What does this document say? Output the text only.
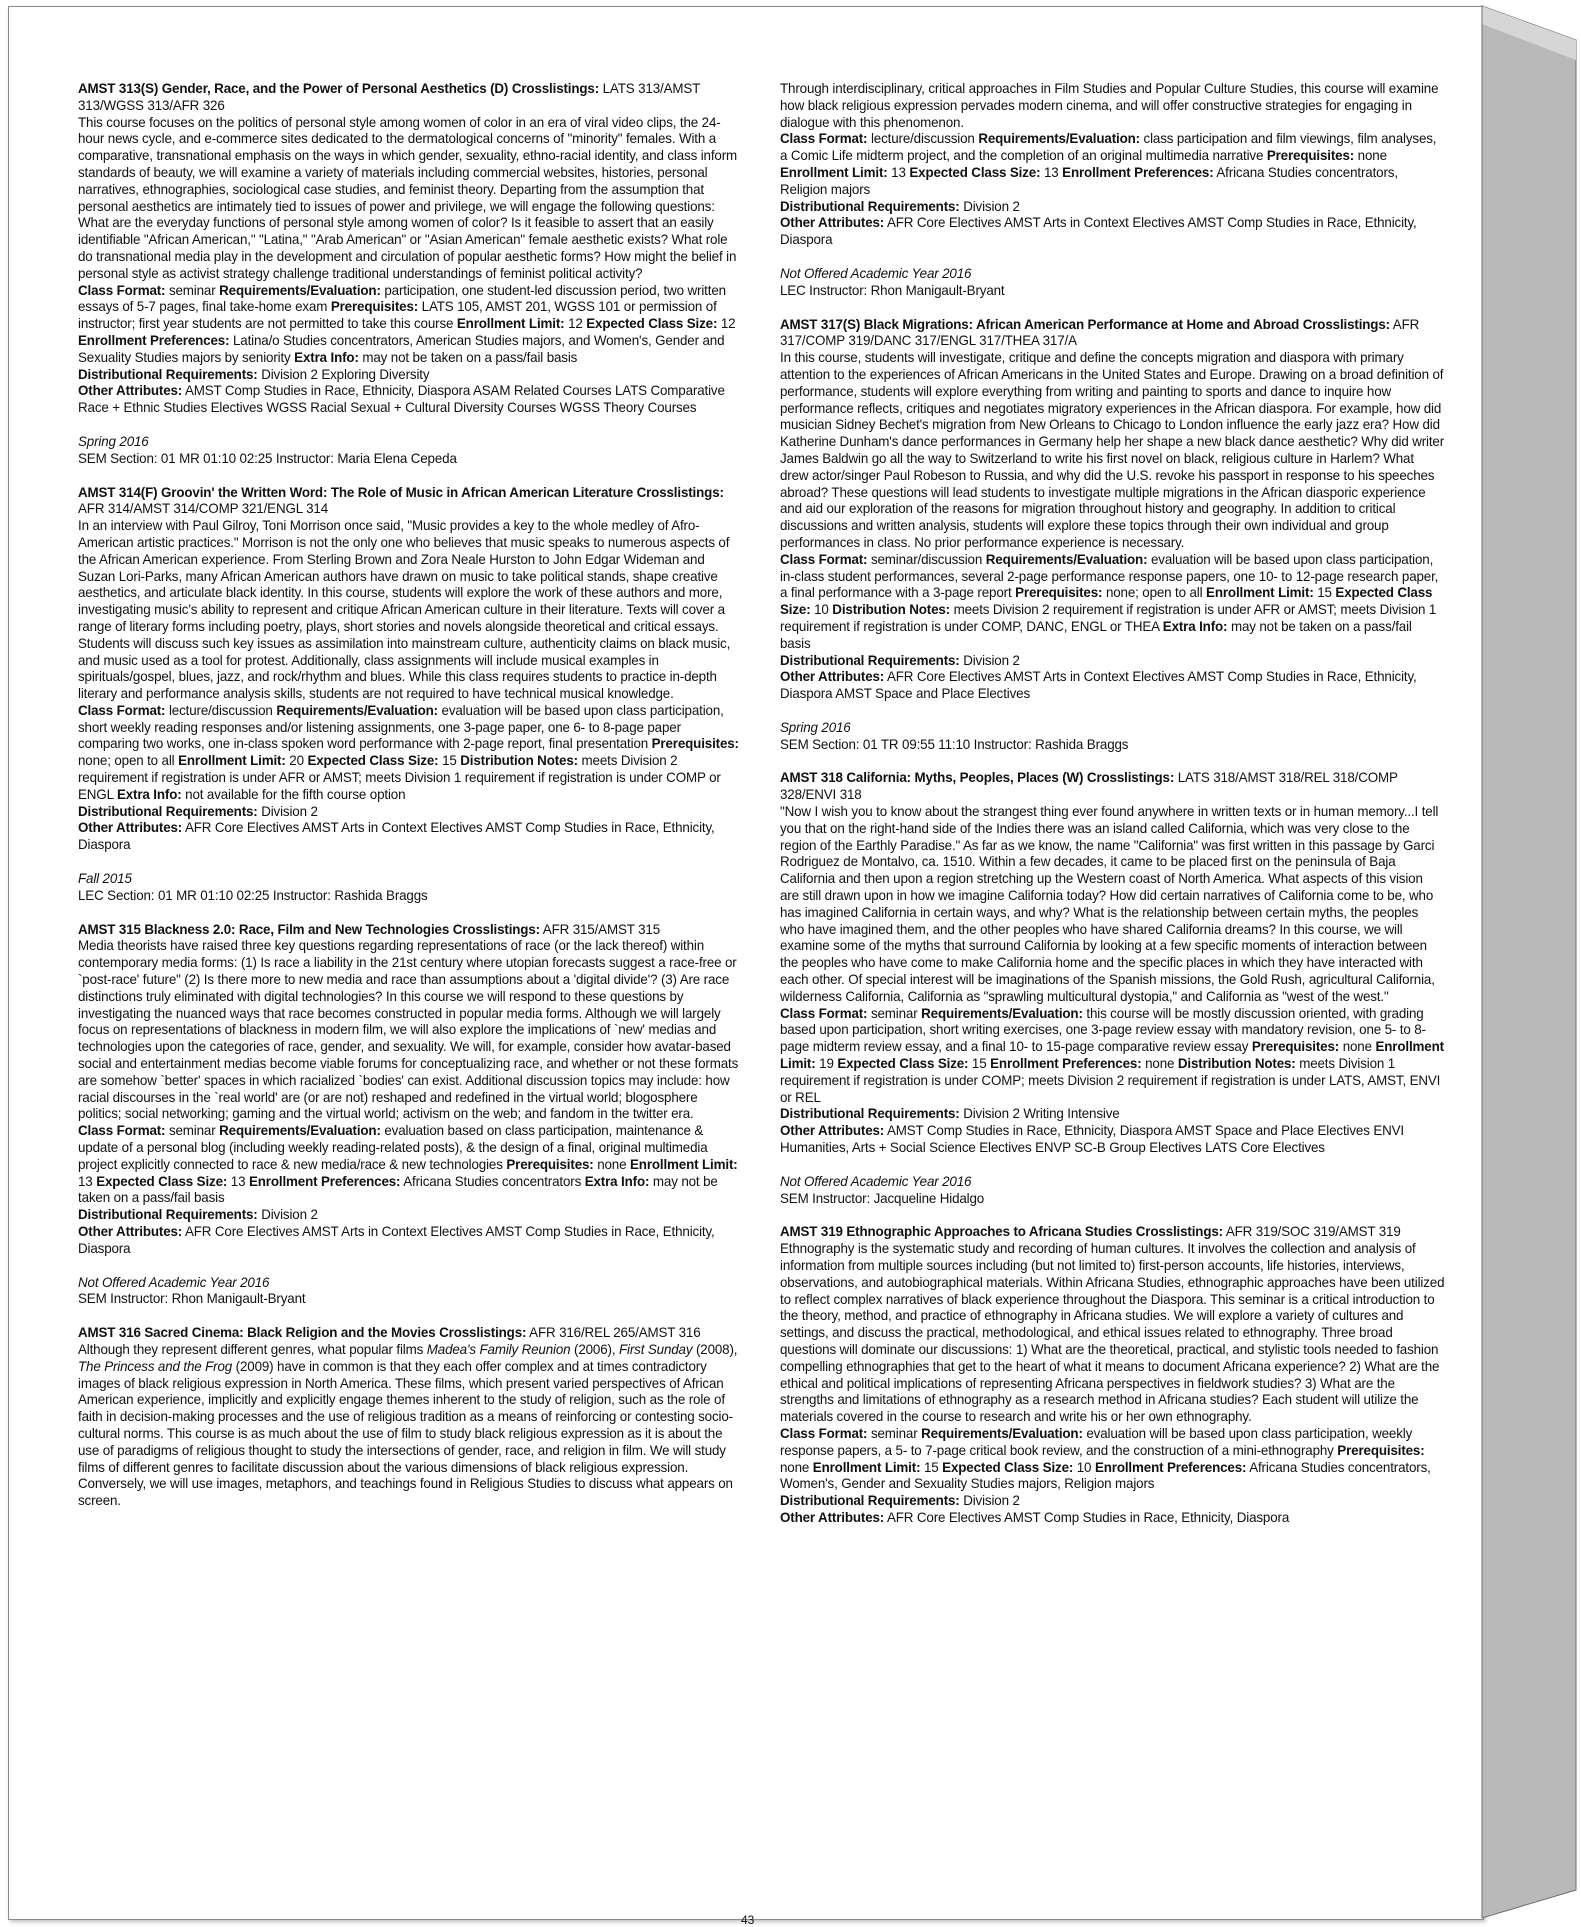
AMST 313(S) Gender, Race, and the Power of Personal Aesthetics (D) Crosslistings: LATS 313/AMST 313/WGSS 313/AFR 326

This course focuses on the politics of personal style among women of color in an era of viral video clips, the 24-hour news cycle, and e-commerce sites dedicated to the dermatological concerns of "minority" females. With a comparative, transnational emphasis on the ways in which gender, sexuality, ethno-racial identity, and class inform standards of beauty, we will examine a variety of materials including commercial websites, histories, personal narratives, ethnographies, sociological case studies, and feminist theory. Departing from the assumption that personal aesthetics are intimately tied to issues of power and privilege, we will engage the following questions: What are the everyday functions of personal style among women of color? Is it feasible to assert that an easily identifiable "African American," "Latina," "Arab American" or "Asian American" female aesthetic exists? What role do transnational media play in the development and circulation of popular aesthetic forms? How might the belief in personal style as activist strategy challenge traditional understandings of feminist political activity?

Class Format: seminar Requirements/Evaluation: participation, one student-led discussion period, two written essays of 5-7 pages, final take-home exam Prerequisites: LATS 105, AMST 201, WGSS 101 or permission of instructor; first year students are not permitted to take this course Enrollment Limit: 12 Expected Class Size: 12 Enrollment Preferences: Latina/o Studies concentrators, American Studies majors, and Women's, Gender and Sexuality Studies majors by seniority Extra Info: may not be taken on a pass/fail basis

Distributional Requirements: Division 2 Exploring Diversity

Other Attributes: AMST Comp Studies in Race, Ethnicity, Diaspora ASAM Related Courses LATS Comparative Race + Ethnic Studies Electives WGSS Racial Sexual + Cultural Diversity Courses WGSS Theory Courses

Spring 2016

SEM Section: 01 MR 01:10 02:25 Instructor: Maria Elena Cepeda

AMST 314(F) Groovin' the Written Word: The Role of Music in African American Literature Crosslistings: AFR 314/AMST 314/COMP 321/ENGL 314

In an interview with Paul Gilroy, Toni Morrison once said, "Music provides a key to the whole medley of Afro-American artistic practices." Morrison is not the only one who believes that music speaks to numerous aspects of the African American experience. From Sterling Brown and Zora Neale Hurston to John Edgar Wideman and Suzan Lori-Parks, many African American authors have drawn on music to take political stands, shape creative aesthetics, and articulate black identity. In this course, students will explore the work of these authors and more, investigating music's ability to represent and critique African American culture in their literature. Texts will cover a range of literary forms including poetry, plays, short stories and novels alongside theoretical and critical essays. Students will discuss such key issues as assimilation into mainstream culture, authenticity claims on black music, and music used as a tool for protest. Additionally, class assignments will include musical examples in spirituals/gospel, blues, jazz, and rock/rhythm and blues. While this class requires students to practice in-depth literary and performance analysis skills, students are not required to have technical musical knowledge.

Class Format: lecture/discussion Requirements/Evaluation: evaluation will be based upon class participation, short weekly reading responses and/or listening assignments, one 3-page paper, one 6- to 8-page paper comparing two works, one in-class spoken word performance with 2-page report, final presentation Prerequisites: none; open to all Enrollment Limit: 20 Expected Class Size: 15 Distribution Notes: meets Division 2 requirement if registration is under AFR or AMST; meets Division 1 requirement if registration is under COMP or ENGL Extra Info: not available for the fifth course option

Distributional Requirements: Division 2

Other Attributes: AFR Core Electives AMST Arts in Context Electives AMST Comp Studies in Race, Ethnicity, Diaspora

Fall 2015

LEC Section: 01 MR 01:10 02:25 Instructor: Rashida Braggs

AMST 315 Blackness 2.0: Race, Film and New Technologies Crosslistings: AFR 315/AMST 315

Media theorists have raised three key questions regarding representations of race (or the lack thereof) within contemporary media forms: (1) Is race a liability in the 21st century where utopian forecasts suggest a race-free or `post-race' future" (2) Is there more to new media and race than assumptions about a 'digital divide'? (3) Are race distinctions truly eliminated with digital technologies? In this course we will respond to these questions by investigating the nuanced ways that race becomes constructed in popular media forms. Although we will largely focus on representations of blackness in modern film, we will also explore the implications of `new' medias and technologies upon the categories of race, gender, and sexuality. We will, for example, consider how avatar-based social and entertainment medias become viable forums for conceptualizing race, and whether or not these formats are somehow `better' spaces in which racialized `bodies' can exist. Additional discussion topics may include: how racial discourses in the `real world' are (or are not) reshaped and redefined in the virtual world; blogosphere politics; social networking; gaming and the virtual world; activism on the web; and fandom in the twitter era.

Class Format: seminar Requirements/Evaluation: evaluation based on class participation, maintenance & update of a personal blog (including weekly reading-related posts), & the design of a final, original multimedia project explicitly connected to race & new media/race & new technologies Prerequisites: none Enrollment Limit: 13 Expected Class Size: 13 Enrollment Preferences: Africana Studies concentrators Extra Info: may not be taken on a pass/fail basis

Distributional Requirements: Division 2

Other Attributes: AFR Core Electives AMST Arts in Context Electives AMST Comp Studies in Race, Ethnicity, Diaspora

Not Offered Academic Year 2016

SEM Instructor: Rhon Manigault-Bryant

AMST 316 Sacred Cinema: Black Religion and the Movies Crosslistings: AFR 316/REL 265/AMST 316

Although they represent different genres, what popular films Madea's Family Reunion (2006), First Sunday (2008), The Princess and the Frog (2009) have in common is that they each offer complex and at times contradictory images of black religious expression in North America. These films, which present varied perspectives of African American experience, implicitly and explicitly engage themes inherent to the study of religion, such as the role of faith in decision-making processes and the use of religious tradition as a means of reinforcing or contesting socio-cultural norms. This course is as much about the use of film to study black religious expression as it is about the use of paradigms of religious thought to study the intersections of gender, race, and religion in film. We will study films of different genres to facilitate discussion about the various dimensions of black religious expression. Conversely, we will use images, metaphors, and teachings found in Religious Studies to discuss what appears on screen.

Through interdisciplinary, critical approaches in Film Studies and Popular Culture Studies, this course will examine how black religious expression pervades modern cinema, and will offer constructive strategies for engaging in dialogue with this phenomenon.

Class Format: lecture/discussion Requirements/Evaluation: class participation and film viewings, film analyses, a Comic Life midterm project, and the completion of an original multimedia narrative Prerequisites: none Enrollment Limit: 13 Expected Class Size: 13 Enrollment Preferences: Africana Studies concentrators, Religion majors

Distributional Requirements: Division 2

Other Attributes: AFR Core Electives AMST Arts in Context Electives AMST Comp Studies in Race, Ethnicity, Diaspora

Not Offered Academic Year 2016

LEC Instructor: Rhon Manigault-Bryant

AMST 317(S) Black Migrations: African American Performance at Home and Abroad Crosslistings: AFR 317/COMP 319/DANC 317/ENGL 317/THEA 317/A

In this course, students will investigate, critique and define the concepts migration and diaspora with primary attention to the experiences of African Americans in the United States and Europe. Drawing on a broad definition of performance, students will explore everything from writing and painting to sports and dance to inquire how performance reflects, critiques and negotiates migratory experiences in the African diaspora. For example, how did musician Sidney Bechet's migration from New Orleans to Chicago to London influence the early jazz era? How did Katherine Dunham's dance performances in Germany help her shape a new black dance aesthetic? Why did writer James Baldwin go all the way to Switzerland to write his first novel on black, religious culture in Harlem? What drew actor/singer Paul Robeson to Russia, and why did the U.S. revoke his passport in response to his speeches abroad? These questions will lead students to investigate multiple migrations in the African diasporic experience and aid our exploration of the reasons for migration throughout history and geography. In addition to critical discussions and written analysis, students will explore these topics through their own individual and group performances in class. No prior performance experience is necessary.

Class Format: seminar/discussion Requirements/Evaluation: evaluation will be based upon class participation, in-class student performances, several 2-page performance response papers, one 10- to 12-page research paper, a final performance with a 3-page report Prerequisites: none; open to all Enrollment Limit: 15 Expected Class Size: 10 Distribution Notes: meets Division 2 requirement if registration is under AFR or AMST; meets Division 1 requirement if registration is under COMP, DANC, ENGL or THEA Extra Info: may not be taken on a pass/fail basis

Distributional Requirements: Division 2

Other Attributes: AFR Core Electives AMST Arts in Context Electives AMST Comp Studies in Race, Ethnicity, Diaspora AMST Space and Place Electives

Spring 2016

SEM Section: 01 TR 09:55 11:10 Instructor: Rashida Braggs

AMST 318 California: Myths, Peoples, Places (W) Crosslistings: LATS 318/AMST 318/REL 318/COMP 328/ENVI 318

"Now I wish you to know about the strangest thing ever found anywhere in written texts or in human memory...I tell you that on the right-hand side of the Indies there was an island called California, which was very close to the region of the Earthly Paradise." As far as we know, the name "California" was first written in this passage by Garci Rodriguez de Montalvo, ca. 1510. Within a few decades, it came to be placed first on the peninsula of Baja California and then upon a region stretching up the Western coast of North America. What aspects of this vision are still drawn upon in how we imagine California today? How did certain narratives of California come to be, who has imagined California in certain ways, and why? What is the relationship between certain myths, the peoples who have imagined them, and the other peoples who have shared California dreams? In this course, we will examine some of the myths that surround California by looking at a few specific moments of interaction between the peoples who have come to make California home and the specific places in which they have interacted with each other. Of special interest will be imaginations of the Spanish missions, the Gold Rush, agricultural California, wilderness California, California as "sprawling multicultural dystopia," and California as "west of the west."

Class Format: seminar Requirements/Evaluation: this course will be mostly discussion oriented, with grading based upon participation, short writing exercises, one 3-page review essay with mandatory revision, one 5- to 8-page midterm review essay, and a final 10- to 15-page comparative review essay Prerequisites: none Enrollment Limit: 19 Expected Class Size: 15 Enrollment Preferences: none Distribution Notes: meets Division 1 requirement if registration is under COMP; meets Division 2 requirement if registration is under LATS, AMST, ENVI or REL

Distributional Requirements: Division 2 Writing Intensive

Other Attributes: AMST Comp Studies in Race, Ethnicity, Diaspora AMST Space and Place Electives ENVI Humanities, Arts + Social Science Electives ENVP SC-B Group Electives LATS Core Electives

Not Offered Academic Year 2016

SEM Instructor: Jacqueline Hidalgo

AMST 319 Ethnographic Approaches to Africana Studies Crosslistings: AFR 319/SOC 319/AMST 319

Ethnography is the systematic study and recording of human cultures. It involves the collection and analysis of information from multiple sources including (but not limited to) first-person accounts, life histories, interviews, observations, and autobiographical materials. Within Africana Studies, ethnographic approaches have been utilized to reflect complex narratives of black experience throughout the Diaspora. This seminar is a critical introduction to the theory, method, and practice of ethnography in Africana studies. We will explore a variety of cultures and settings, and discuss the practical, methodological, and ethical issues related to ethnography. Three broad questions will dominate our discussions: 1) What are the theoretical, practical, and stylistic tools needed to fashion compelling ethnographies that get to the heart of what it means to document Africana experience? 2) What are the ethical and political implications of representing Africana perspectives in fieldwork studies? 3) What are the strengths and limitations of ethnography as a research method in Africana studies? Each student will utilize the materials covered in the course to research and write his or her own ethnography.

Class Format: seminar Requirements/Evaluation: evaluation will be based upon class participation, weekly response papers, a 5- to 7-page critical book review, and the construction of a mini-ethnography Prerequisites: none Enrollment Limit: 15 Expected Class Size: 10 Enrollment Preferences: Africana Studies concentrators, Women's, Gender and Sexuality Studies majors, Religion majors

Distributional Requirements: Division 2

Other Attributes: AFR Core Electives AMST Comp Studies in Race, Ethnicity, Diaspora

43
